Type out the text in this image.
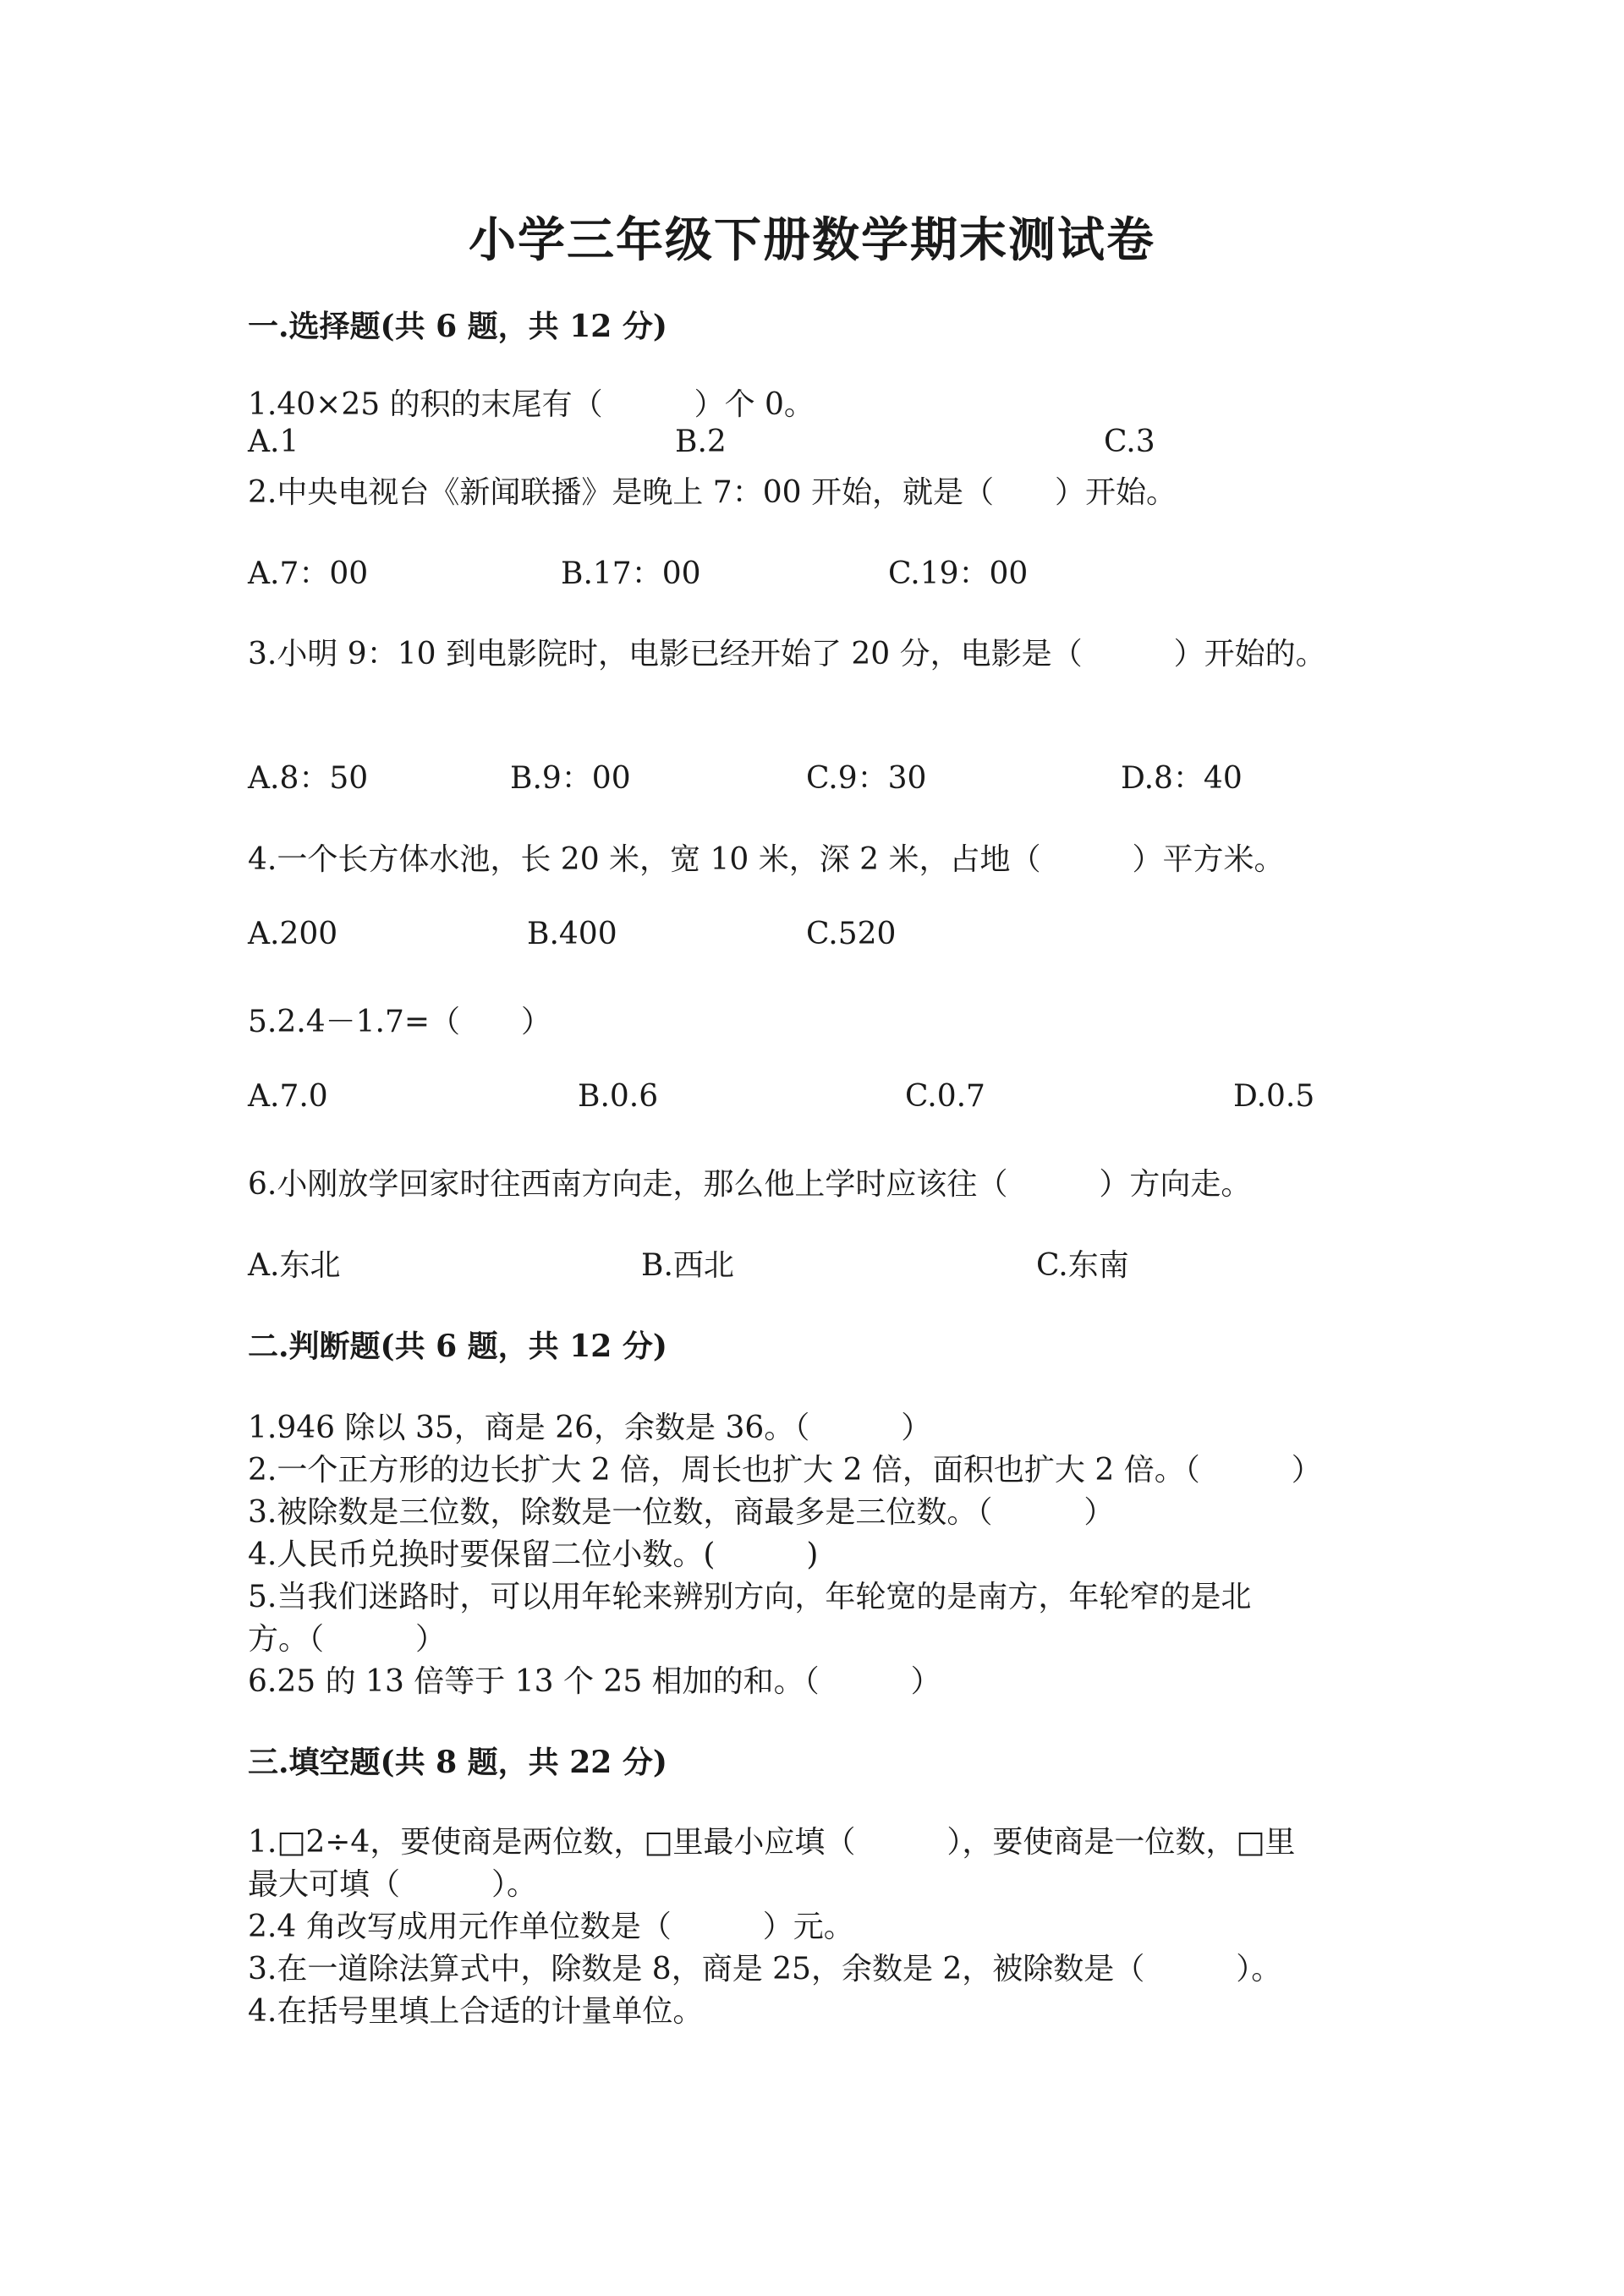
小学三年级下册数学期末测试卷
一.选择题(共 6 题，共 12 分)
1.40×25 的积的末尾有（　　　）个 0。
A.1	B.2	C.3
2.中央电视台《新闻联播》是晚上 7：00 开始，就是（　　）开始。
A.7：00	B.17：00	C.19：00
3.小明 9：10 到电影院时，电影已经开始了 20 分，电影是（　　　）开始的。
A.8：50	B.9：00	C.9：30	D.8：40
4.一个长方体水池，长 20 米，宽 10 米，深 2 米，占地（　　　）平方米。
A.200	B.400	C.520
5.2.4－1.7=（　　）
A.7.0	B.0.6	C.0.7	D.0.5
6.小刚放学回家时往西南方向走，那么他上学时应该往（　　　）方向走。
A.东北	B.西北	C.东南
二.判断题(共 6 题，共 12 分)
1.946 除以 35，商是 26，余数是 36。（　　　）
2.一个正方形的边长扩大 2 倍，周长也扩大 2 倍，面积也扩大 2 倍。（　　　）
3.被除数是三位数，除数是一位数，商最多是三位数。（　　　）
4.人民币兑换时要保留二位小数。(　　　)
5.当我们迷路时，可以用年轮来辨别方向，年轮宽的是南方，年轮窄的是北
方。（　　　）
6.25 的 13 倍等于 13 个 25 相加的和。（　　　）
三.填空题(共 8 题，共 22 分)
1.□2÷4，要使商是两位数，□里最小应填（　　　），要使商是一位数，□里
最大可填（　　　）。
2.4 角改写成用元作单位数是（　　　）元。
3.在一道除法算式中，除数是 8，商是 25，余数是 2，被除数是（　　　）。
4.在括号里填上合适的计量单位。
